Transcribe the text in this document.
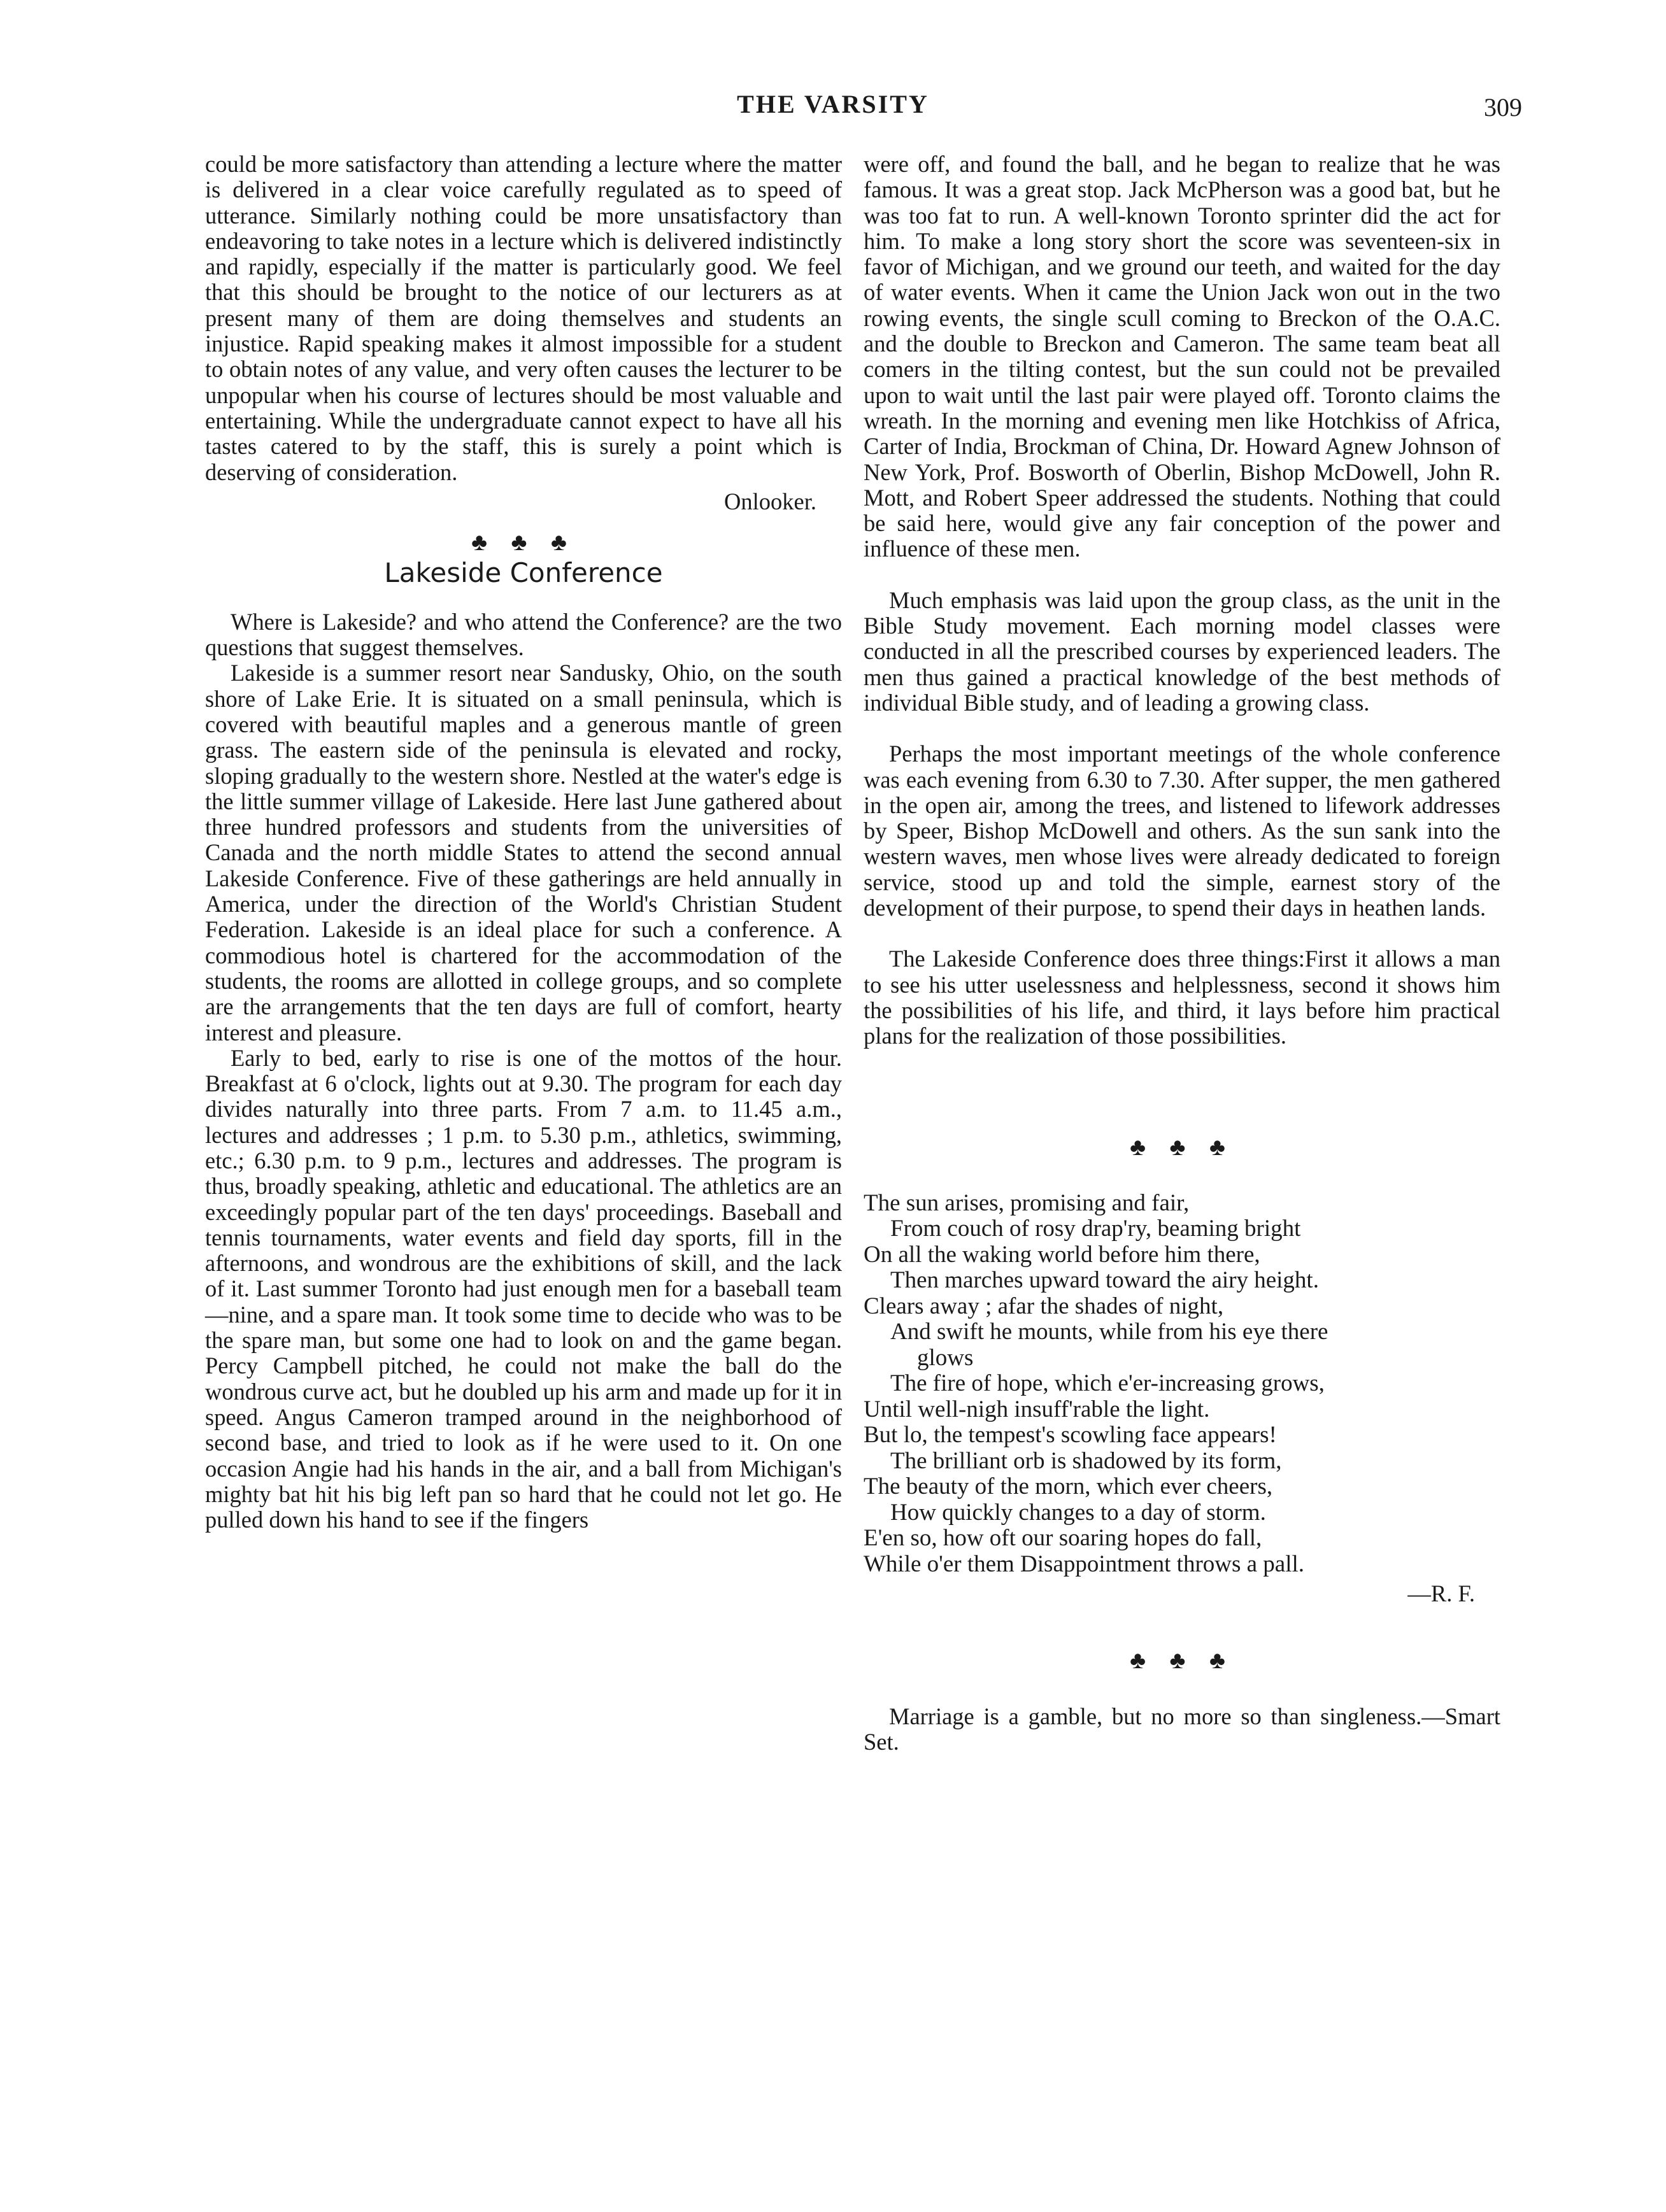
THE VARSITY	309

could be more satisfactory than attending a lecture where the matter is delivered in a clear voice carefully regulated as to speed of utterance. Similarly nothing could be more unsatisfactory than endeavoring to take notes in a lecture which is delivered indistinctly and rapidly, especially if the matter is particularly good. We feel that this should be brought to the notice of our lecturers as at present many of them are doing themselves and students an injustice. Rapid speaking makes it almost impossible for a student to obtain notes of any value, and very often causes the lecturer to be unpopular when his course of lectures should be most valuable and entertaining. While the undergraduate cannot expect to have all his tastes catered to by the staff, this is surely a point which is deserving of consideration.

Onlooker.
♣ ♣ ♣
Lakeside Conference

Where is Lakeside? and who attend the Conference? are the two questions that suggest themselves.

Lakeside is a summer resort near Sandusky, Ohio, on the south shore of Lake Erie. It is situated on a small peninsula, which is covered with beautiful maples and a generous mantle of green grass. The eastern side of the peninsula is elevated and rocky, sloping gradually to the western shore. Nestled at the water's edge is the little summer village of Lakeside. Here last June gathered about three hundred professors and students from the universities of Canada and the north middle States to attend the second annual Lakeside Conference. Five of these gatherings are held annually in America, under the direction of the World's Christian Student Federation. Lakeside is an ideal place for such a conference. A commodious hotel is chartered for the accommodation of the students, the rooms are allotted in college groups, and so complete are the arrangements that the ten days are full of comfort, hearty interest and pleasure.

Early to bed, early to rise is one of the mottos of the hour. Breakfast at 6 o'clock, lights out at 9.30. The program for each day divides naturally into three parts. From 7 a.m. to 11.45 a.m., lectures and addresses ; 1 p.m. to 5.30 p.m., athletics, swimming, etc.; 6.30 p.m. to 9 p.m., lectures and addresses. The program is thus, broadly speaking, athletic and educational. The athletics are an exceedingly popular part of the ten days' proceedings. Baseball and tennis tournaments, water events and field day sports, fill in the afternoons, and wondrous are the exhibitions of skill, and the lack of it. Last summer Toronto had just enough men for a baseball team—nine, and a spare man. It took some time to decide who was to be the spare man, but some one had to look on and the game began. Percy Campbell pitched, he could not make the ball do the wondrous curve act, but he doubled up his arm and made up for it in speed. Angus Cameron tramped around in the neighborhood of second base, and tried to look as if he were used to it. On one occasion Angie had his hands in the air, and a ball from Michigan's mighty bat hit his big left pan so hard that he could not let go. He pulled down his hand to see if the fingers

were off, and found the ball, and he began to realize that he was famous. It was a great stop. Jack McPherson was a good bat, but he was too fat to run. A well-known Toronto sprinter did the act for him. To make a long story short the score was seventeen-six in favor of Michigan, and we ground our teeth, and waited for the day of water events. When it came the Union Jack won out in the two rowing events, the single scull coming to Breckon of the O.A.C. and the double to Breckon and Cameron. The same team beat all comers in the tilting contest, but the sun could not be prevailed upon to wait until the last pair were played off. Toronto claims the wreath. In the morning and evening men like Hotchkiss of Africa, Carter of India, Brockman of China, Dr. Howard Agnew Johnson of New York, Prof. Bosworth of Oberlin, Bishop McDowell, John R. Mott, and Robert Speer addressed the students. Nothing that could be said here, would give any fair conception of the power and influence of these men.

Much emphasis was laid upon the group class, as the unit in the Bible Study movement. Each morning model classes were conducted in all the prescribed courses by experienced leaders. The men thus gained a practical knowledge of the best methods of individual Bible study, and of leading a growing class.

Perhaps the most important meetings of the whole conference was each evening from 6.30 to 7.30. After supper, the men gathered in the open air, among the trees, and listened to lifework addresses by Speer, Bishop McDowell and others. As the sun sank into the western waves, men whose lives were already dedicated to foreign service, stood up and told the simple, earnest story of the development of their purpose, to spend their days in heathen lands.

The Lakeside Conference does three things:First it allows a man to see his utter uselessness and helplessness, second it shows him the possibilities of his life, and third, it lays before him practical plans for the realization of those possibilities.

♣ ♣ ♣
The sun arises, promising and fair,
From couch of rosy drap'ry, beaming bright
On all the waking world before him there,
Then marches upward toward the airy height.
Clears away ; afar the shades of night,
And swift he mounts, while from his eye there
glows
The fire of hope, which e'er-increasing grows,
Until well-nigh insuff'rable the light.
But lo, the tempest's scowling face appears!
The brilliant orb is shadowed by its form,
The beauty of the morn, which ever cheers,
How quickly changes to a day of storm.
E'en so, how oft our soaring hopes do fall,
While o'er them Disappointment throws a pall.
—R. F.
♣ ♣ ♣

Marriage is a gamble, but no more so than singleness.—Smart Set.
